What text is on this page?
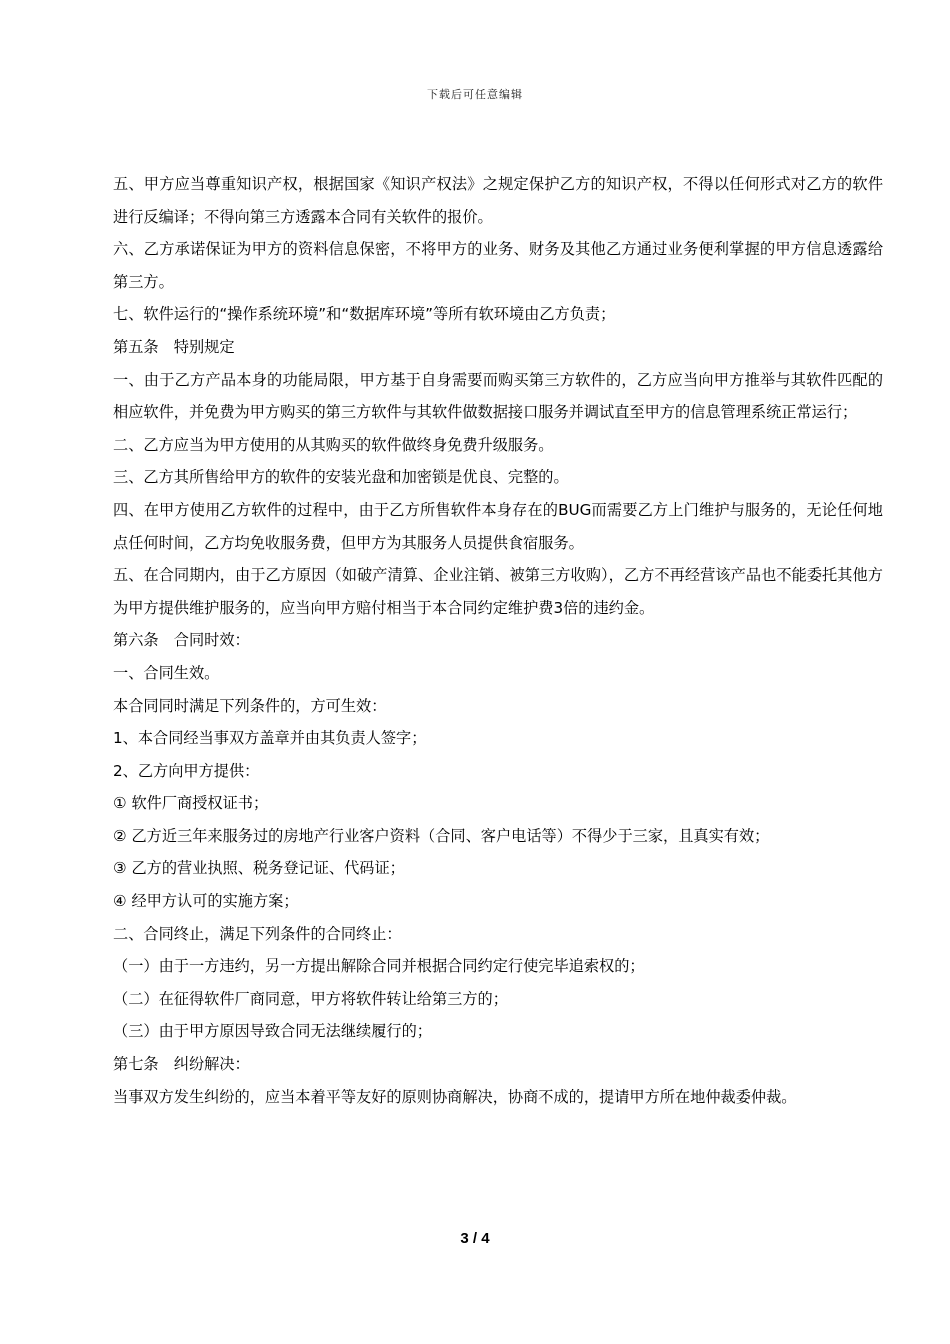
下载后可任意编辑

五、甲方应当尊重知识产权，根据国家《知识产权法》之规定保护乙方的知识产权，不得以任何形式对乙方的软件进行反编译；不得向第三方透露本合同有关软件的报价。

六、乙方承诺保证为甲方的资料信息保密，不将甲方的业务、财务及其他乙方通过业务便利掌握的甲方信息透露给第三方。

七、软件运行的“操作系统环境”和“数据库环境”等所有软环境由乙方负责；

第五条　特别规定

一、由于乙方产品本身的功能局限，甲方基于自身需要而购买第三方软件的，乙方应当向甲方推举与其软件匹配的相应软件，并免费为甲方购买的第三方软件与其软件做数据接口服务并调试直至甲方的信息管理系统正常运行；

二、乙方应当为甲方使用的从其购买的软件做终身免费升级服务。

三、乙方其所售给甲方的软件的安装光盘和加密锁是优良、完整的。

四、在甲方使用乙方软件的过程中，由于乙方所售软件本身存在的BUG而需要乙方上门维护与服务的，无论任何地点任何时间，乙方均免收服务费，但甲方为其服务人员提供食宿服务。

五、在合同期内，由于乙方原因（如破产清算、企业注销、被第三方收购），乙方不再经营该产品也不能委托其他方为甲方提供维护服务的，应当向甲方赔付相当于本合同约定维护费3倍的违约金。

第六条　合同时效：

一、合同生效。

本合同同时满足下列条件的，方可生效：

1、本合同经当事双方盖章并由其负责人签字；

2、乙方向甲方提供：

① 软件厂商授权证书；

② 乙方近三年来服务过的房地产行业客户资料（合同、客户电话等）不得少于三家，且真实有效；

③ 乙方的营业执照、税务登记证、代码证；

④ 经甲方认可的实施方案；

二、合同终止，满足下列条件的合同终止：

（一）由于一方违约，另一方提出解除合同并根据合同约定行使完毕追索权的；

（二）在征得软件厂商同意，甲方将软件转让给第三方的；

（三）由于甲方原因导致合同无法继续履行的；

第七条　纠纷解决：

当事双方发生纠纷的，应当本着平等友好的原则协商解决，协商不成的，提请甲方所在地仲裁委仲裁。

3 / 4
